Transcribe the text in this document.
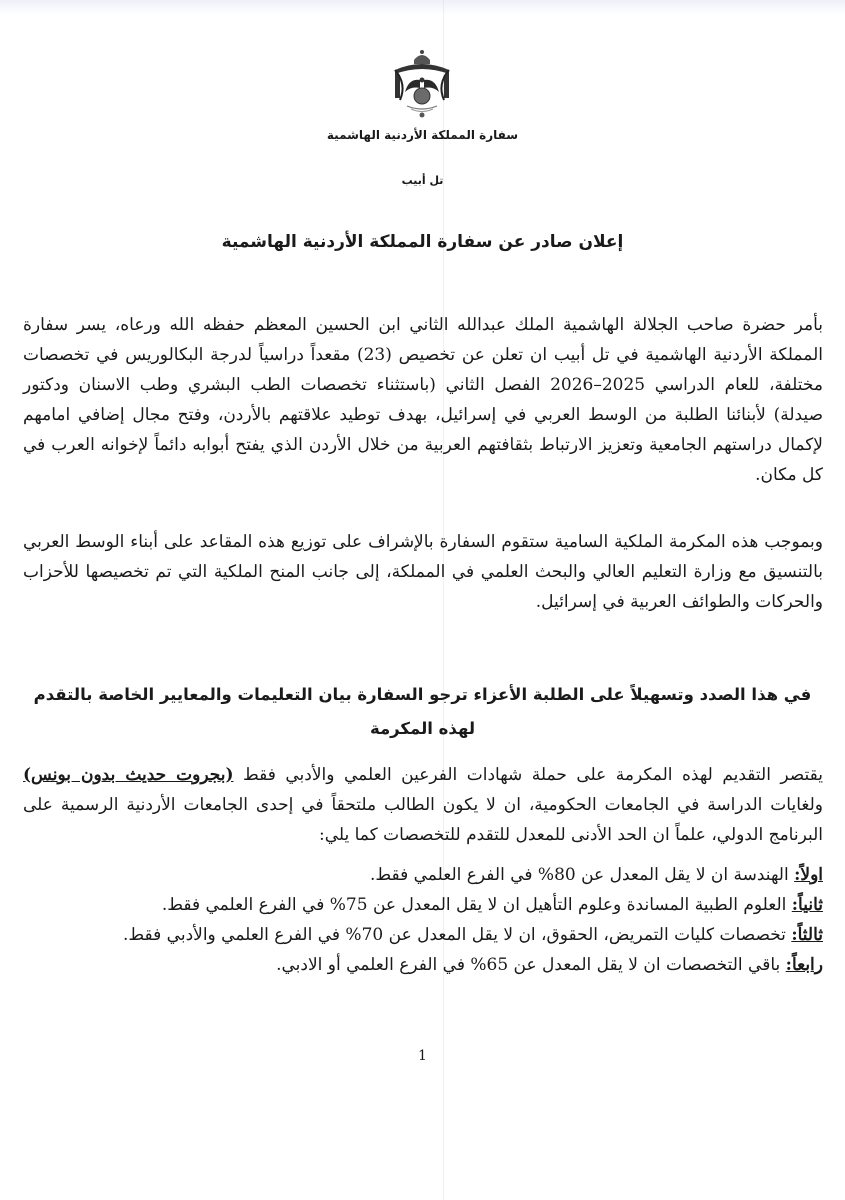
سفارة المملكة الأردنية الهاشمية
تل أبيب
إعلان صادر عن سفارة المملكة الأردنية الهاشمية

بأمر حضرة صاحب الجلالة الهاشمية الملك عبدالله الثاني ابن الحسين المعظم حفظه الله ورعاه، يسر سفارة المملكة الأردنية الهاشمية في تل أبيب ان تعلن عن تخصيص (23) مقعداً دراسياً لدرجة البكالوريس في تخصصات مختلفة، للعام الدراسي 2025–2026 الفصل الثاني (باستثناء تخصصات الطب البشري وطب الاسنان ودكتور صيدلة) لأبنائنا الطلبة من الوسط العربي في إسرائيل، بهدف توطيد علاقتهم بالأردن، وفتح مجال إضافي امامهم لإكمال دراستهم الجامعية وتعزيز الارتباط بثقافتهم العربية من خلال الأردن الذي يفتح أبوابه دائماً لإخوانه العرب في كل مكان.

وبموجب هذه المكرمة الملكية السامية ستقوم السفارة بالإشراف على توزيع هذه المقاعد على أبناء الوسط العربي بالتنسيق مع وزارة التعليم العالي والبحث العلمي في المملكة، إلى جانب المنح الملكية التي تم تخصيصها للأحزاب والحركات والطوائف العربية في إسرائيل.

في هذا الصدد وتسهيلاً على الطلبة الأعزاء ترجو السفارة بيان التعليمات والمعايير الخاصة بالتقدم لهذه المكرمة

يقتصر التقديم لهذه المكرمة على حملة شهادات الفرعين العلمي والأدبي فقط (بجروت حديث بدون بونس) ولغايات الدراسة في الجامعات الحكومية، ان لا يكون الطالب ملتحقاً في إحدى الجامعات الأردنية الرسمية على البرنامج الدولي، علماً ان الحد الأدنى للمعدل للتقدم للتخصصات كما يلي:

اولاً: الهندسة ان لا يقل المعدل عن 80% في الفرع العلمي فقط.
ثانياً: العلوم الطبية المساندة وعلوم التأهيل ان لا يقل المعدل عن 75% في الفرع العلمي فقط.
ثالثاً: تخصصات كليات التمريض، الحقوق، ان لا يقل المعدل عن 70% في الفرع العلمي والأدبي فقط.
رابعاً: باقي التخصصات ان لا يقل المعدل عن 65% في الفرع العلمي أو الادبي.
1
